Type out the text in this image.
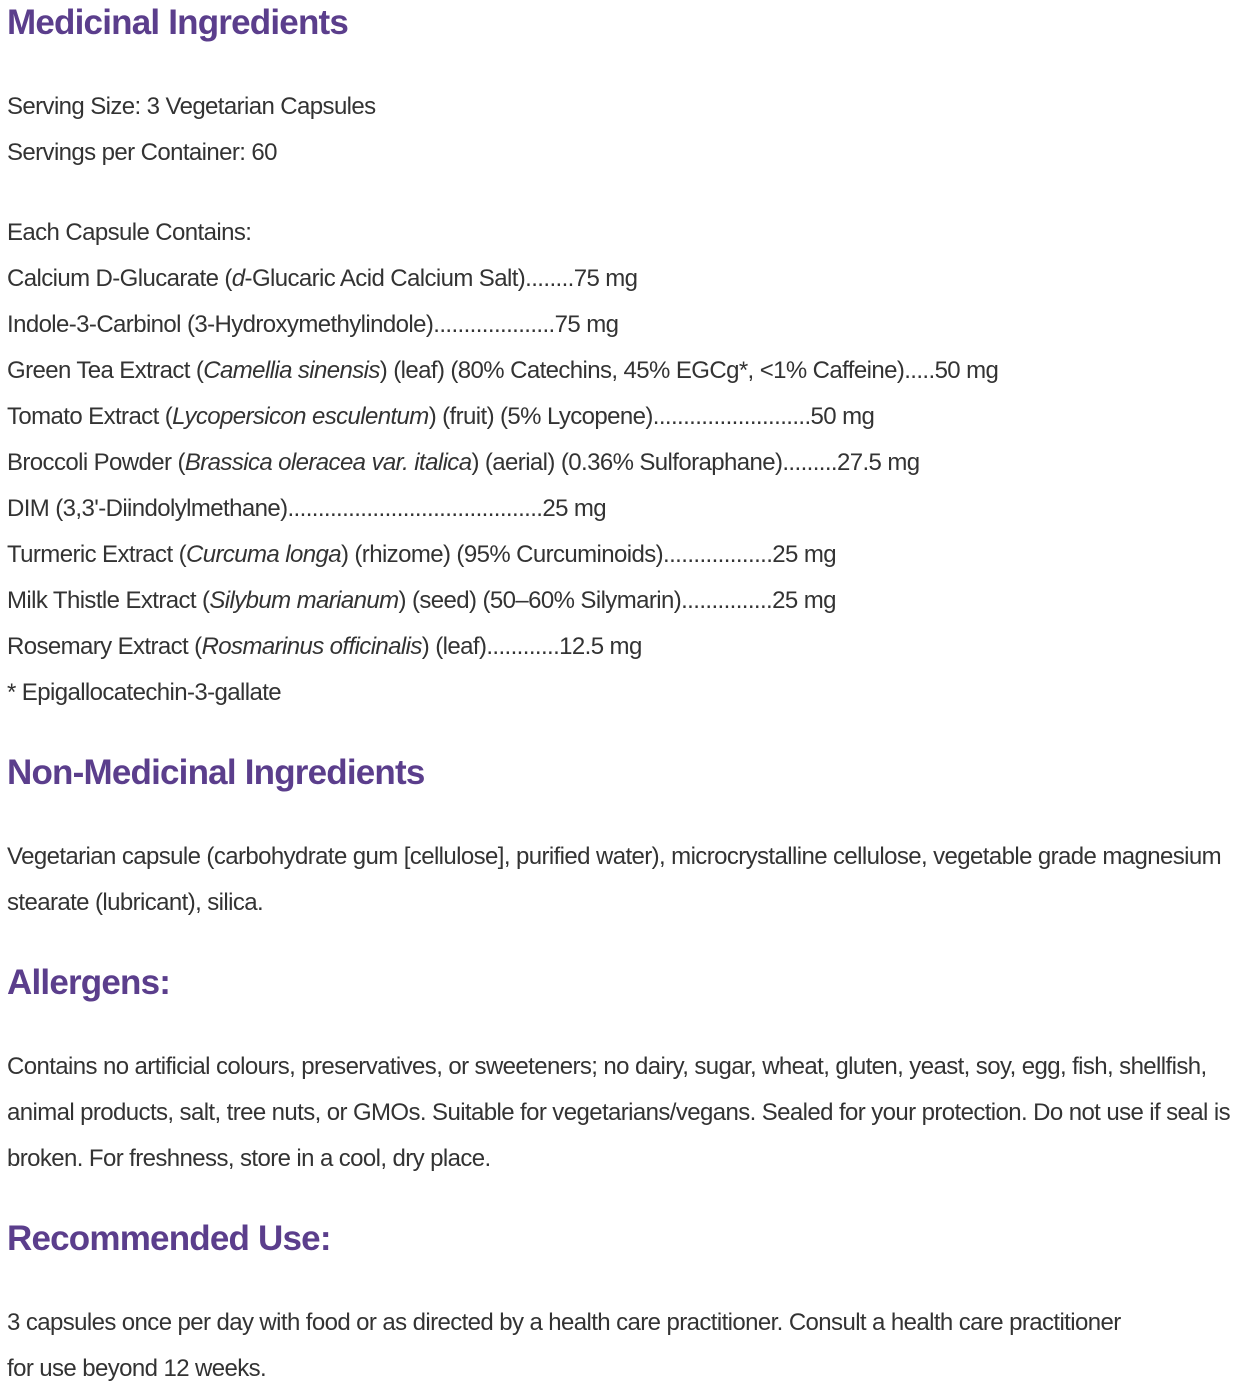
Medicinal Ingredients
Serving Size: 3 Vegetarian Capsules
Servings per Container: 60
Each Capsule Contains:
Calcium D-Glucarate (d-Glucaric Acid Calcium Salt)........75 mg
Indole-3-Carbinol (3-Hydroxymethylindole)....................75 mg
Green Tea Extract (Camellia sinensis) (leaf) (80% Catechins, 45% EGCg*, <1% Caffeine).....50 mg
Tomato Extract (Lycopersicon esculentum) (fruit) (5% Lycopene)..........................50 mg
Broccoli Powder (Brassica oleracea var. italica) (aerial) (0.36% Sulforaphane).........27.5 mg
DIM (3,3'-Diindolylmethane)..........................................25 mg
Turmeric Extract (Curcuma longa) (rhizome) (95% Curcuminoids)..................25 mg
Milk Thistle Extract (Silybum marianum) (seed) (50–60% Silymarin)...............25 mg
Rosemary Extract (Rosmarinus officinalis) (leaf)............12.5 mg
* Epigallocatechin-3-gallate
Non-Medicinal Ingredients

Vegetarian capsule (carbohydrate gum [cellulose], purified water), microcrystalline cellulose, vegetable grade magnesium stearate (lubricant), silica.

Allergens:

Contains no artificial colours, preservatives, or sweeteners; no dairy, sugar, wheat, gluten, yeast, soy, egg, fish, shellfish, animal products, salt, tree nuts, or GMOs. Suitable for vegetarians/vegans. Sealed for your protection. Do not use if seal is broken. For freshness, store in a cool, dry place.

Recommended Use:

3 capsules once per day with food or as directed by a health care practitioner. Consult a health care practitioner for use beyond 12 weeks.
